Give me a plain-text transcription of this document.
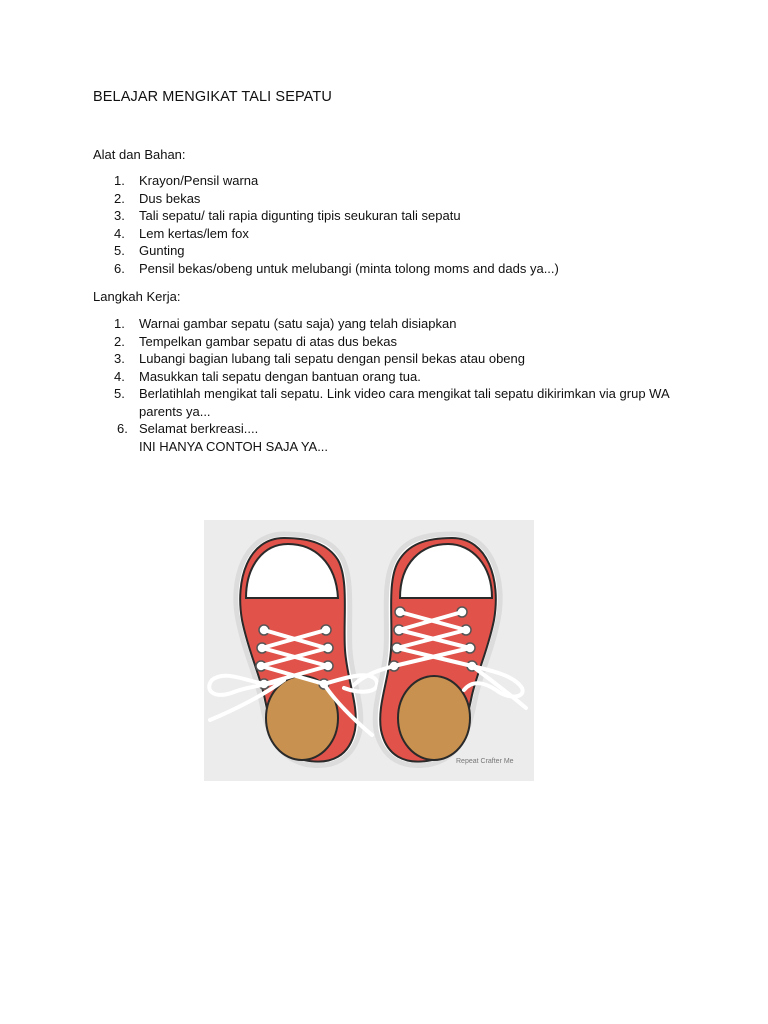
BELAJAR MENGIKAT TALI SEPATU
Alat dan Bahan:
1. Krayon/Pensil warna
2. Dus bekas
3. Tali sepatu/ tali rapia digunting tipis seukuran tali sepatu
4. Lem kertas/lem fox
5. Gunting
6. Pensil bekas/obeng untuk melubangi (minta tolong moms and dads ya...)
Langkah Kerja:
1. Warnai gambar sepatu (satu saja) yang telah disiapkan
2. Tempelkan gambar sepatu di atas dus bekas
3. Lubangi bagian lubang tali sepatu dengan pensil bekas atau obeng
4. Masukkan tali sepatu dengan bantuan orang tua.
5. Berlatihlah mengikat tali sepatu. Link video cara mengikat tali sepatu dikirimkan via grup WA parents ya...
6. Selamat berkreasi....
INI HANYA CONTOH SAJA YA...
Repeat Crafter Me
